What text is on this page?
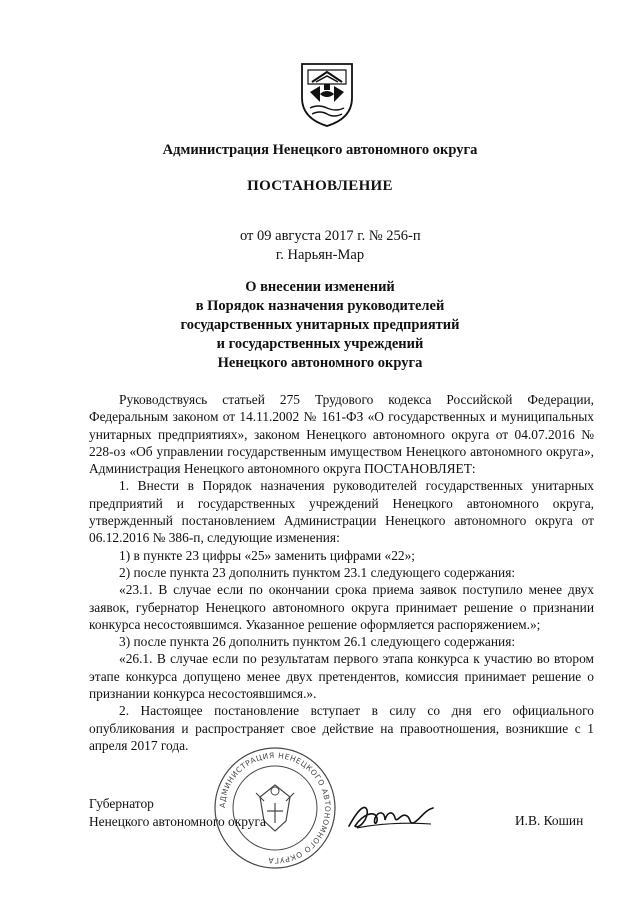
Администрация Ненецкого автономного округа
ПОСТАНОВЛЕНИЕ
от 09 августа 2017 г. № 256-п
г. Нарьян-Мар
О внесении изменений
в Порядок назначения руководителей
государственных унитарных предприятий
и государственных учреждений
Ненецкого автономного округа

Руководствуясь статьей 275 Трудового кодекса Российской Федерации, Федеральным законом от 14.11.2002 № 161-ФЗ «О государственных и муниципальных унитарных предприятиях», законом Ненецкого автономного округа от 04.07.2016 № 228-оз «Об управлении государственным имуществом Ненецкого автономного округа», Администрация Ненецкого автономного округа ПОСТАНОВЛЯЕТ:

1. Внести в Порядок назначения руководителей государственных унитарных предприятий и государственных учреждений Ненецкого автономного округа, утвержденный постановлением Администрации Ненецкого автономного округа от 06.12.2016 № 386-п, следующие изменения:

1) в пункте 23 цифры «25» заменить цифрами «22»;

2) после пункта 23 дополнить пунктом 23.1 следующего содержания:

«23.1. В случае если по окончании срока приема заявок поступило менее двух заявок, губернатор Ненецкого автономного округа принимает решение о признании конкурса несостоявшимся. Указанное решение оформляется распоряжением.»;

3) после пункта 26 дополнить пунктом 26.1 следующего содержания:

«26.1. В случае если по результатам первого этапа конкурса к участию во втором этапе конкурса допущено менее двух претендентов, комиссия принимает решение о признании конкурса несостоявшимся.».

2. Настоящее постановление вступает в силу со дня его официального опубликования и распространяет свое действие на правоотношения, возникшие с 1 апреля 2017 года.

АДМИНИСТРАЦИЯ НЕНЕЦКОГО АВТОНОМНОГО ОКРУГА
Губернатор
Ненецкого автономного округа	И.В. Кошин
